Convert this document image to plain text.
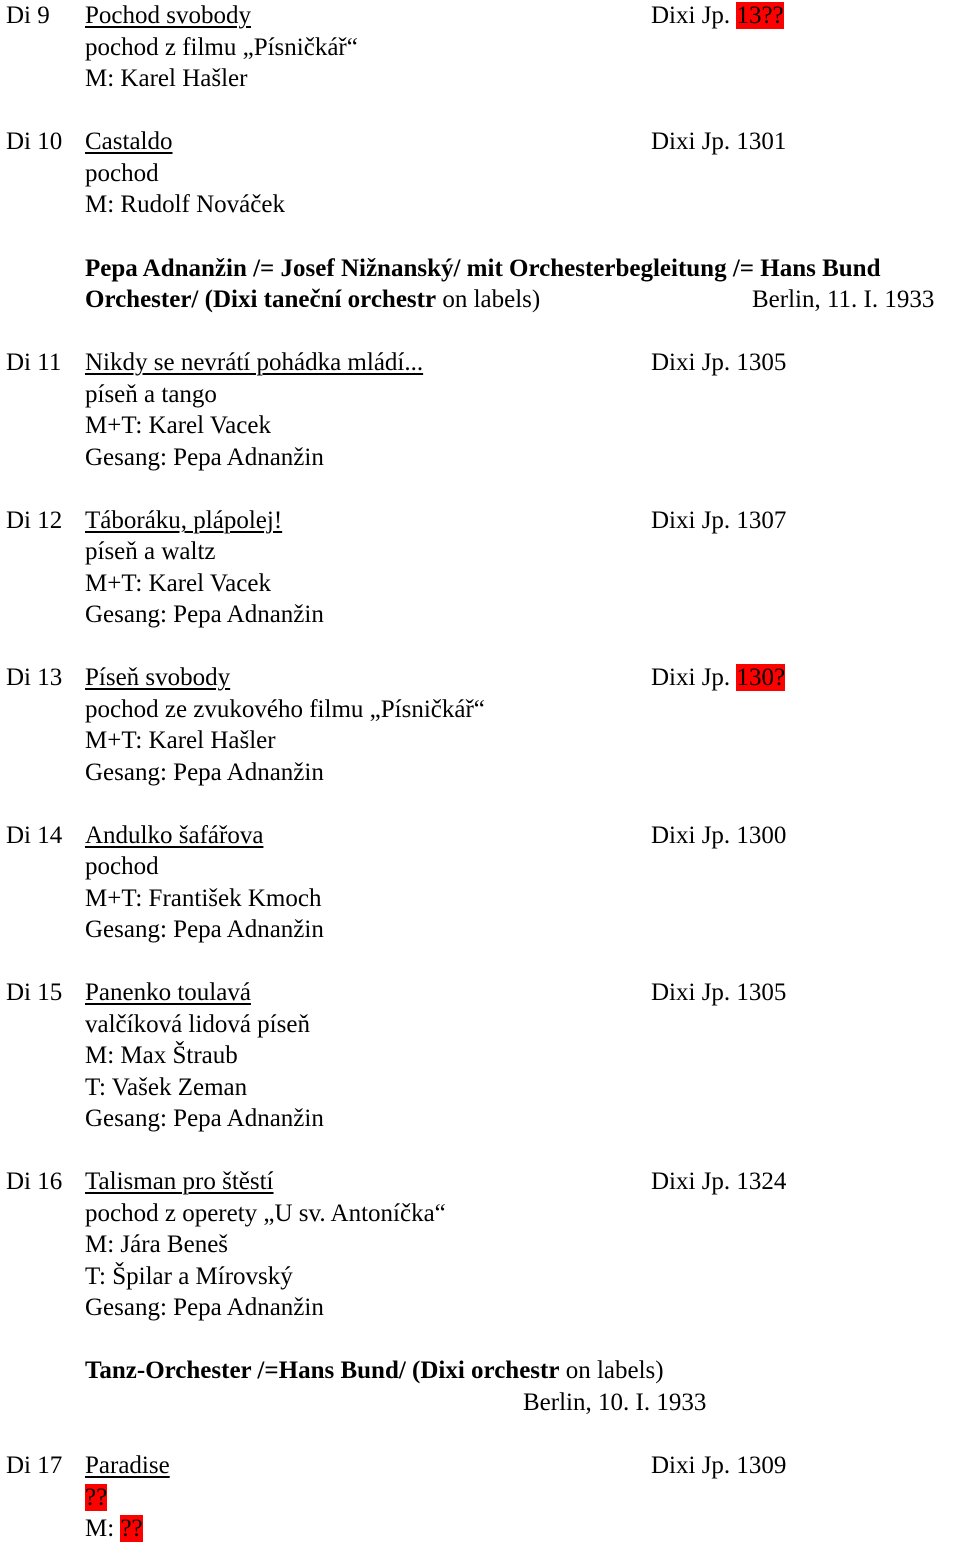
Di 9 Pochod svobody	Dixi Jp. 13??
pochod z filmu „Písničkář“
M: Karel Hašler
Di 10 Castaldo	Dixi Jp. 1301
pochod
M: Rudolf Nováček
Pepa Adnanžin /= Josef Nižnanský/ mit Orchesterbegleitung /= Hans Bund
Orchester/ (Dixi taneční orchestr on labels)	Berlin, 11. I. 1933
Di 11 Nikdy se nevrátí pohádka mládí...	Dixi Jp. 1305
píseň a tango
M+T: Karel Vacek
Gesang: Pepa Adnanžin
Di 12 Táboráku, plápolej!	Dixi Jp. 1307
píseň a waltz
M+T: Karel Vacek
Gesang: Pepa Adnanžin
Di 13 Píseň svobody	Dixi Jp. 130?
pochod ze zvukového filmu „Písničkář“
M+T: Karel Hašler
Gesang: Pepa Adnanžin
Di 14 Andulko šafářova	Dixi Jp. 1300
pochod
M+T: František Kmoch
Gesang: Pepa Adnanžin
Di 15 Panenko toulavá	Dixi Jp. 1305
valčíková lidová píseň
M: Max Štraub
T: Vašek Zeman
Gesang: Pepa Adnanžin
Di 16 Talisman pro štěstí	Dixi Jp. 1324
pochod z operety „U sv. Antoníčka“
M: Jára Beneš
T: Špilar a Mírovský
Gesang: Pepa Adnanžin
Tanz-Orchester /=Hans Bund/ (Dixi orchestr on labels)
Berlin, 10. I. 1933
Di 17 Paradise	Dixi Jp. 1309
??
M: ??
